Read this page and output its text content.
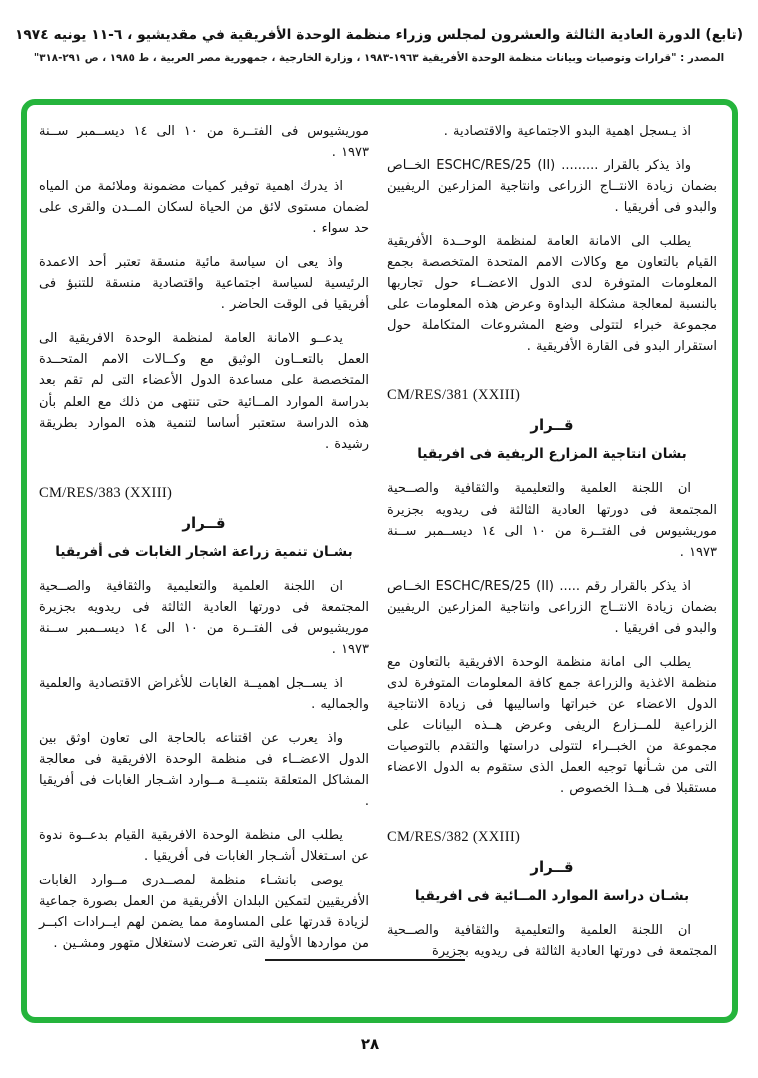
(تابع) الدورة العادية الثالثة والعشرون لمجلس وزراء منظمة الوحدة الأفريقية في مقديشيو ، ٦-١١ يونيه ١٩٧٤
المصدر : "قرارات وتوصيات وبيانات منظمة الوحدة الأفريقية ١٩٦٣-١٩٨٣ ، وزارة الخارجية ، جمهورية مصر العربية ، ط ١٩٨٥ ، ص ٢٩١-٣١٨"

اذ يـسجل اهمية البدو الاجتماعية والاقتصادية .

واذ يذكر بالقرار ......... ESCHC/RES/25 (II) الخــاص بضمان زيادة الانتــاج الزراعى وانتاجية المزارعين الريفيين والبدو فى أفريقيا .

يطلب الى الامانة العامة لمنظمة الوحــدة الأفريقية القيام بالتعاون مع وكالات الامم المتحدة المتخصصة بجمع المعلومات المتوفرة لدى الدول الاعضــاء حول تجاربها بالنسبة لمعالجة مشكلة البداوة وعرض هذه المعلومات على مجموعة خبراء لتتولى وضع المشروعات المتكاملة حول استقرار البدو فى القارة الأفريقية .

CM/RES/381 (XXIII)
قــرار
بشان انتاجية المزارع الريفية فى افريقيا

ان اللجنة العلمية والتعليمية والثقافية والصــحية المجتمعة فى دورتها العادية الثالثة فى ريدويه بجزيرة موريشيوس فى الفتــرة من ١٠ الى ١٤ ديســمبر ســنة ١٩٧٣ .

اذ يذكر بالقرار رقم ..... ESCHC/RES/25 (II) الخــاص بضمان زيادة الانتــاج الزراعى وانتاجية المزارعين الريفيين والبدو فى افريقيا .

يطلب الى امانة منظمة الوحدة الافريقية بالتعاون مع منظمة الاغذية والزراعة جمع كافة المعلومات المتوفرة لدى الدول الاعضاء عن خبراتها واساليبها فى زيادة الانتاجية الزراعية للمــزارع الريفى وعرض هــذه البيانات على مجموعة من الخبــراء لتتولى دراستها والتقدم بالتوصيات التى من شـأنها توجيه العمل الذى ستقوم به الدول الاعضاء مستقبلا فى هــذا الخصوص .

CM/RES/382 (XXIII)
قــرار
بشـان دراسة الموارد المــائية فى افريقيا

ان اللجنة العلمية والتعليمية والثقافية والصــحية المجتمعة فى دورتها العادية الثالثة فى ريدويه بجزيرة

موريشيوس فى الفتــرة من ١٠ الى ١٤ ديســمبر ســنة ١٩٧٣ .

اذ يدرك اهمية توفير كميات مضمونة وملائمة من المياه لضمان مستوى لائق من الحياة لسكان المــدن والقرى على حد سواء .

واذ يعى ان سياسة مائية منسقة تعتبر أحد الاعمدة الرئيسية لسياسة اجتماعية واقتصادية منسقة للتنبؤ فى أفريقيا فى الوقت الحاضر .

يدعــو الامانة العامة لمنظمة الوحدة الافريقية الى العمل بالتعــاون الوثيق مع وكــالات الامم المتحــدة المتخصصة على مساعدة الدول الأعضاء التى لم تقم بعد بدراسة الموارد المــائية حتى تنتهى من ذلك مع العلم بأن هذه الدراسة ستعتبر أساسا لتنمية هذه الموارد بطريقة رشيدة .

CM/RES/383 (XXIII)
قــرار
بشـان تنمية زراعة اشجار الغابات فى أفريقيا

ان اللجنة العلمية والتعليمية والثقافية والصــحية المجتمعة فى دورتها العادية الثالثة فى ريدويه بجزيرة موريشيوس فى الفتــرة من ١٠ الى ١٤ ديســمبر ســنة ١٩٧٣ .

اذ يســجل اهميــة الغابات للأغراض الاقتصادية والعلمية والجماليه .

واذ يعرب عن اقتناعه بالحاجة الى تعاون اوثق بين الدول الاعضــاء فى منظمة الوحدة الافريقية فى معالجة المشاكل المتعلقة بتنميــة مــوارد اشـجار الغابات فى أفريقيا .

يطلب الى منظمة الوحدة الافريقية القيام بدعــوة ندوة عن اسـتغلال أشـجار الغابات فى أفريقيا .

يوصى بانشـاء منظمة لمصــدرى مــوارد الغابات الأفريقيين لتمكين البلدان الأفريقية من العمل بصورة جماعية لزيادة قدرتها على المساومة مما يضمن لهم ايــرادات اكبــر من مواردها الأولية التى تعرضت لاستغلال متهور ومشـين .

٢٨
